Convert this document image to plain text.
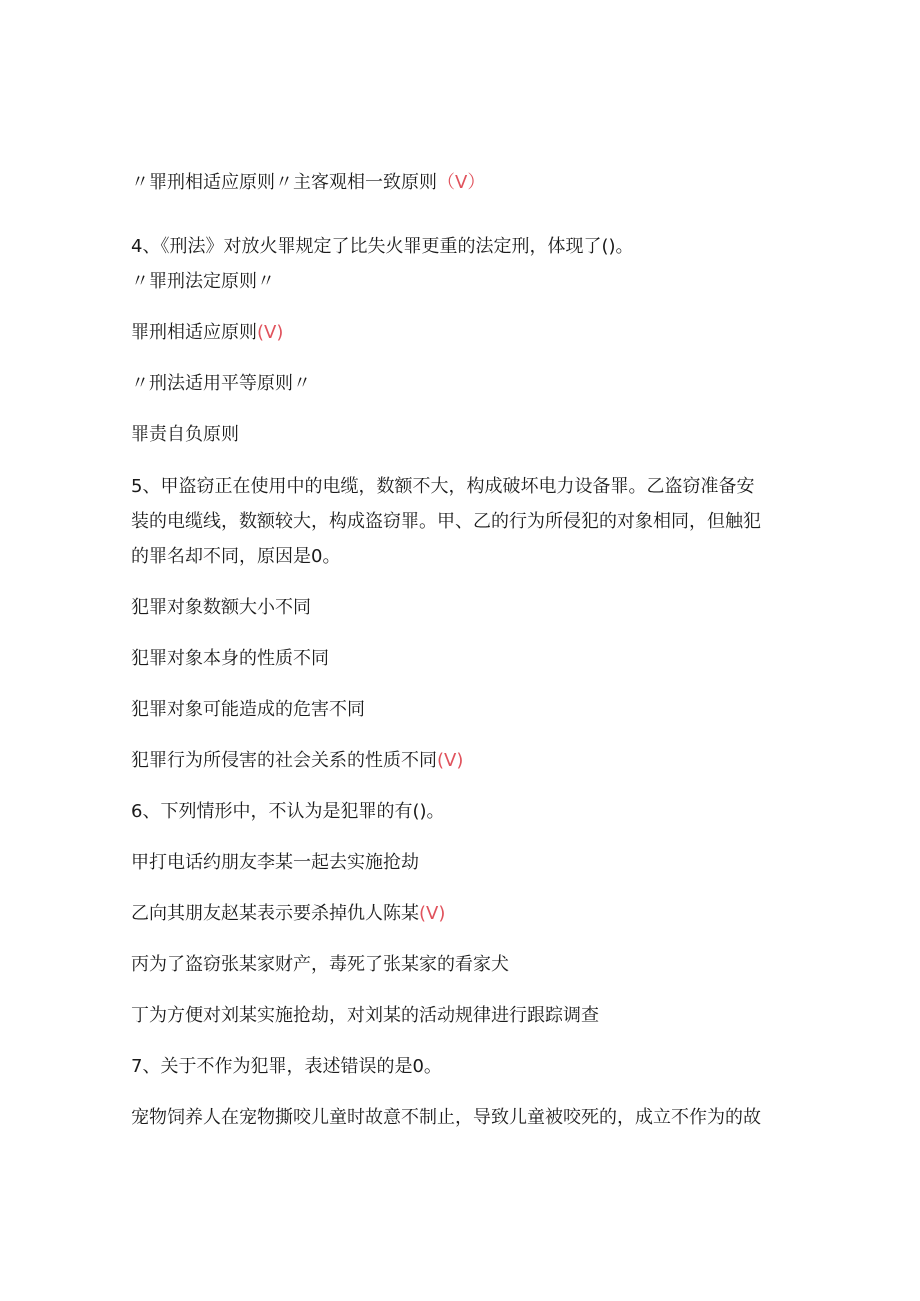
〃罪刑相适应原则〃主客观相一致原则（V）
4、《刑法》对放火罪规定了比失火罪更重的法定刑，体现了()。
〃罪刑法定原则〃
罪刑相适应原则(V)
〃刑法适用平等原则〃
罪责自负原则
5、甲盗窃正在使用中的电缆，数额不大，构成破坏电力设备罪。乙盗窃准备安
装的电缆线，数额较大，构成盗窃罪。甲、乙的行为所侵犯的对象相同，但触犯
的罪名却不同，原因是0。
犯罪对象数额大小不同
犯罪对象本身的性质不同
犯罪对象可能造成的危害不同
犯罪行为所侵害的社会关系的性质不同(V)
6、下列情形中，不认为是犯罪的有()。
甲打电话约朋友李某一起去实施抢劫
乙向其朋友赵某表示要杀掉仇人陈某(V)
丙为了盗窃张某家财产，毒死了张某家的看家犬
丁为方便对刘某实施抢劫，对刘某的活动规律进行跟踪调查
7、关于不作为犯罪，表述错误的是0。
宠物饲养人在宠物撕咬儿童时故意不制止，导致儿童被咬死的，成立不作为的故
